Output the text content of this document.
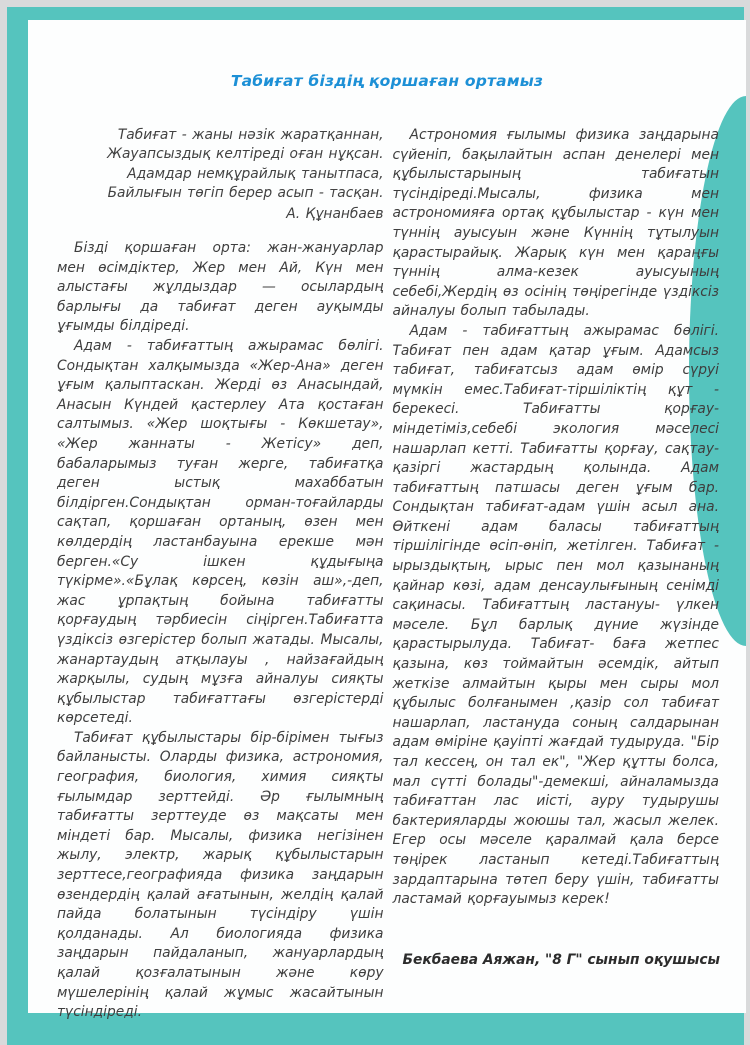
Табиғат біздің қоршаған ортамыз
Табиғат - жаны нәзік жаратқаннан,
Жауапсыздық келтіреді оған нұқсан.
Адамдар немқұрайлық танытпаса,
Байлығын төгіп берер асып - тасқан.
А. Құнанбаев

Бізді қоршаған орта: жан-жануарлар мен өсімдіктер, Жер мен Ай, Күн мен алыстағы жұлдыздар — осылардың барлығы да табиғат деген ауқымды ұғымды білдіреді.

Адам - табиғаттың ажырамас бөлігі. Сондықтан халқымызда «Жер-Ана» деген ұғым қалыптаскан. Жерді өз Анасындай, Анасын Күндей қастерлеу Ата қостаған салтымыз. «Жер шоқтығы - Көкшетау», «Жер жаннаты - Жетісу» деп, бабаларымыз туған жерге, табиғатқа деген ыстық махаббатын білдірген.Сондықтан орман-тоғайларды сақтап, қоршаған ортаның, өзен мен көлдердің ластанбауына ерекше мән берген.«Су ішкен құдығыңа түкірме».«Бұлақ көрсең, көзін аш»,-деп, жас ұрпақтың бойына табиғатты қорғаудың тәрбиесін сіңірген.Табиғатта үздіксіз өзгерістер болып жатады. Мысалы, жанартаудың атқылауы , найзағайдың жарқылы, судың мұзға айналуы сияқты құбылыстар табиғаттағы өзгерістерді көрсетеді.

Табиғат құбылыстары бір-бірімен тығыз байланысты. Оларды физика, астрономия, география, биология, химия сияқты ғылымдар зерттейді. Әр ғылымның табиғатты зерттеуде өз мақсаты мен міндеті бар. Мысалы, физика негізінен жылу, электр, жарық құбылыстарын зерттесе,географияда физика заңдарын өзендердің қалай ағатынын, желдің қалай пайда болатынын түсіндіру үшін қолданады. Ал биологияда физика заңдарын пайдаланып, жануарлардың қалай қозғалатынын және көру мүшелерінің қалай жұмыс жасайтынын түсіндіреді.

Астрономия ғылымы физика заңдарына сүйеніп, бақылайтын аспан денелері мен құбылыстарының табиғатын түсіндіреді.Мысалы, физика мен астрономияға ортақ құбылыстар - күн мен түннің ауысуын және Күннің тұтылуын қарастырайық. Жарық күн мен қараңғы түннің алма-кезек ауысуының себебі,Жердің өз осінің төңірегінде үздіксіз айналуы болып табылады.

Адам - табиғаттың ажырамас бөлігі. Табиғат пен адам қатар ұғым. Адамсыз табиғат, табиғатсыз адам өмір сүруі мүмкін емес.Табиғат-тіршіліктің құт - берекесі. Табиғатты қорғау- міндетіміз,себебі экология мәселесі нашарлап кетті. Табиғатты қорғау, сақтау- қазіргі жастардың қолында. Адам табиғаттың патшасы деген ұғым бар. Сондықтан табиғат-адам үшін асыл ана. Өйткені адам баласы табиғаттың тіршілігінде өсіп-өніп, жетілген. Табиғат - ырыздықтың, ырыс пен мол қазынаның қайнар көзі, адам денсаулығының сенімді сақинасы. Табиғаттың ластануы- үлкен мәселе. Бұл барлық дүние жүзінде қарастырылуда. Табиғат- баға жетпес қазына, көз тоймайтын әсемдік, айтып жеткізе алмайтын қыры мен сыры мол құбылыс болғанымен ,қазір сол табиғат нашарлап, ластануда соның салдарынан адам өміріне қауіпті жағдай тудыруда. "Бір тал кессең, он тал ек", "Жер құтты болса, мал сүтті болады"-демекші, айналамызда табиғаттан лас иісті, ауру тудырушы бактерияларды жоюшы тал, жасыл желек. Егер осы мәселе қаралмай қала берсе төңірек ластанып кетеді.Табиғаттың зардаптарына төтеп беру үшін, табиғатты ластамай қорғауымыз керек!

Бекбаева Аяжан, "8 Г" сынып оқушысы
